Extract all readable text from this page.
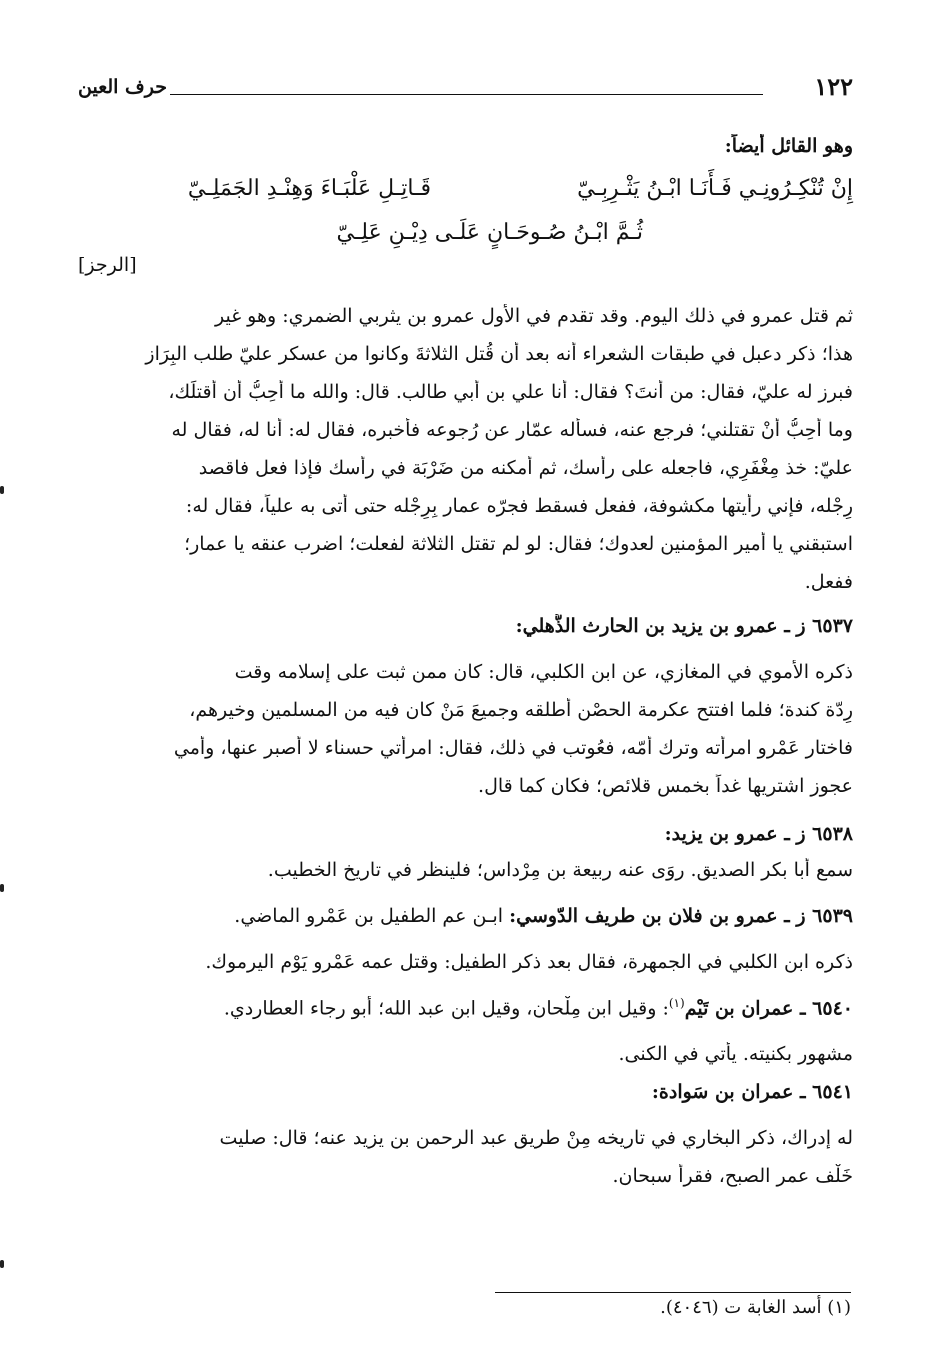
١٢٢
حرف العين
وهو القائل أيضاً:
إِنْ تُنْكِـرُونِـي فَـأَنَـا ابْـنُ يَثْـرِبِـيّ
قَـاتِـلِ عَلْبَـاءَ وَهِنْـدِ الجَمَلِـيّ
ثُـمَّ ابْـنُ صُـوحَـانٍ عَلَـى دِيْـنِ عَلِـيّ
[الرجز]
ثم قتل عمرو في ذلك اليوم. وقد تقدم في الأول عمرو بن يثربي الضمري: وهو غير
هذا؛ ذكر دعبل في طبقات الشعراء أنه بعد أن قُتل الثلاثةَ وكانوا من عسكر عليّ طلب البِرَاز
فبرز له عليّ، فقال: من أنتَ؟ فقال: أنا علي بن أبي طالب. قال: والله ما أُحِبُّ أن أقتلَك،
وما أَحِبُّ أنْ تقتلني؛ فرجع عنه، فسأله عمّار عن رُجوعه فأخبره، فقال له: أنا له، فقال له
عليّ: خذ مِغْفَرِي، فاجعله على رأسك، ثم أمكنه من ضَرْبَة في رأسك فإذا فعل فاقصد
رِجْله، فإني رأيتها مكشوفة، ففعل فسقط فجرّه عمار بِرِجْله حتى أتى به علياً، فقال له:
استبقني يا أمير المؤمنين لعدوك؛ فقال: لو لم تقتل الثلاثة لفعلت؛ اضرب عنقه يا عمار؛
ففعل.
٦٥٣٧ ز ـ عمرو بن يزيد بن الحارث الذُّهلي:
ذكره الأموي في المغازي، عن ابن الكلبي، قال: كان ممن ثبت على إسلامه وقت
رِدّة كندة؛ فلما افتتح عكرمة الحصْن أطلقه وجميعَ مَنْ كان فيه من المسلمين وخيرهم،
فاختار عَمْرو امرأته وترك أمّه، فعُوتب في ذلك، فقال: امرأتي حسناء لا أَصبر عنها، وأُمي
عجوز اشتريها غداً بخمس قلائص؛ فكان كما قال.
٦٥٣٨ ز ـ عمرو بن يزيد:
سمع أبا بكر الصديق. روَى عنه ربيعة بن مِرْداس؛ فلينظر في تاريخ الخطيب.
٦٥٣٩ ز ـ عمرو بن فلان بن طريف الدّوسي: ابـن عم الطفيل بن عَمْرو الماضي.
ذكره ابن الكلبي في الجمهرة، فقال بعد ذكر الطفيل: وقتل عمه عَمْرو يَوْم اليرموك.
٦٥٤٠ ـ عمران بن تَيْم$^{(١)}$: وقيل ابن مِلْحان، وقيل ابن عبد الله؛ أبو رجاء العطاردي.
مشهور بكنيته. يأتي في الكنى.
٦٥٤١ ـ عمران بن سَوادة:
له إدراك، ذكر البخاري في تاريخه مِنْ طريق عبد الرحمن بن يزيد عنه؛ قال: صليت
خَلْف عمر الصبح، فقرأ سبحان.
(١) أسد الغابة ت (٤٠٤٦).
